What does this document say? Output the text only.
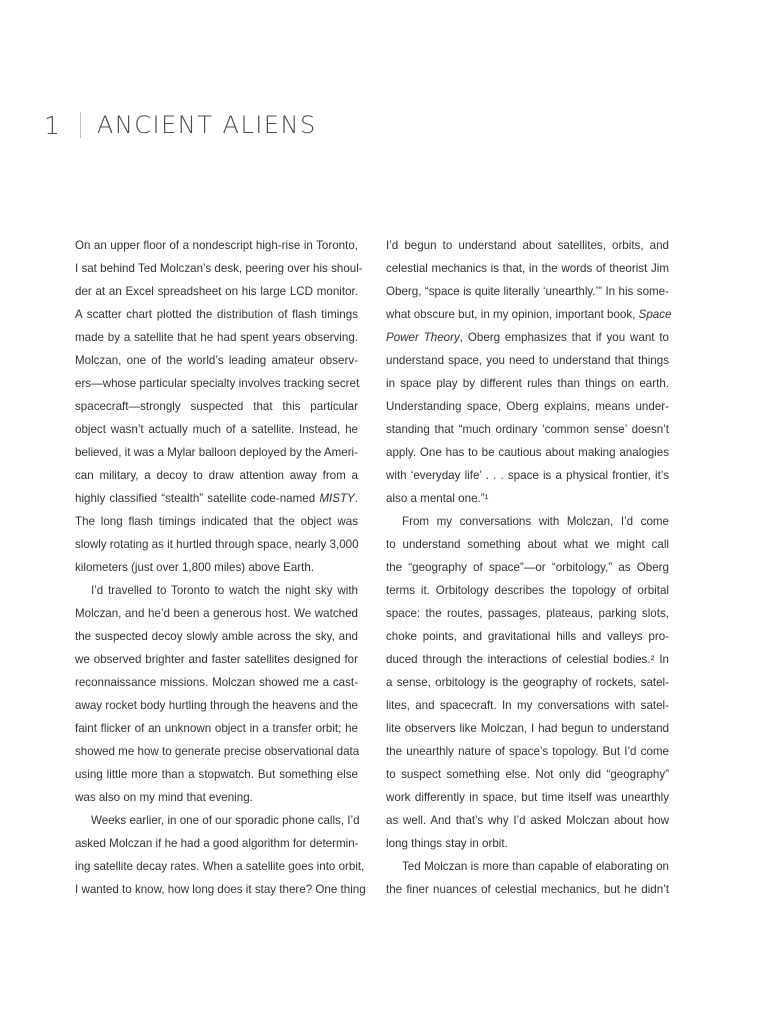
1 ANCIENT ALIENS
On an upper floor of a nondescript high-rise in Toronto,
I sat behind Ted Molczan’s desk, peering over his shoul-
der at an Excel spreadsheet on his large LCD monitor.
A scatter chart plotted the distribution of flash timings
made by a satellite that he had spent years observing.
Molczan, one of the world’s leading amateur observ-
ers—whose particular specialty involves tracking secret
spacecraft—strongly suspected that this particular
object wasn’t actually much of a satellite. Instead, he
believed, it was a Mylar balloon deployed by the Ameri-
can military, a decoy to draw attention away from a
highly classified “stealth” satellite code-named MISTY.
The long flash timings indicated that the object was
slowly rotating as it hurtled through space, nearly 3,000
kilometers (just over 1,800 miles) above Earth.
I’d travelled to Toronto to watch the night sky with
Molczan, and he’d been a generous host. We watched
the suspected decoy slowly amble across the sky, and
we observed brighter and faster satellites designed for
reconnaissance missions. Molczan showed me a cast-
away rocket body hurtling through the heavens and the
faint flicker of an unknown object in a transfer orbit; he
showed me how to generate precise observational data
using little more than a stopwatch. But something else
was also on my mind that evening.
Weeks earlier, in one of our sporadic phone calls, I’d
asked Molczan if he had a good algorithm for determin-
ing satellite decay rates. When a satellite goes into orbit,
I wanted to know, how long does it stay there? One thing
I’d begun to understand about satellites, orbits, and
celestial mechanics is that, in the words of theorist Jim
Oberg, “space is quite literally ‘unearthly.’” In his some-
what obscure but, in my opinion, important book, Space
Power Theory, Oberg emphasizes that if you want to
understand space, you need to understand that things
in space play by different rules than things on earth.
Understanding space, Oberg explains, means under-
standing that “much ordinary ‘common sense’ doesn’t
apply. One has to be cautious about making analogies
with ‘everyday life’ . . . space is a physical frontier, it’s
also a mental one.”¹
From my conversations with Molczan, I’d come
to understand something about what we might call
the “geography of space”—or “orbitology,” as Oberg
terms it. Orbitology describes the topology of orbital
space: the routes, passages, plateaus, parking slots,
choke points, and gravitational hills and valleys pro-
duced through the interactions of celestial bodies.² In
a sense, orbitology is the geography of rockets, satel-
lites, and spacecraft. In my conversations with satel-
lite observers like Molczan, I had begun to understand
the unearthly nature of space’s topology. But I’d come
to suspect something else. Not only did “geography”
work differently in space, but time itself was unearthly
as well. And that’s why I’d asked Molczan about how
long things stay in orbit.
Ted Molczan is more than capable of elaborating on
the finer nuances of celestial mechanics, but he didn’t
